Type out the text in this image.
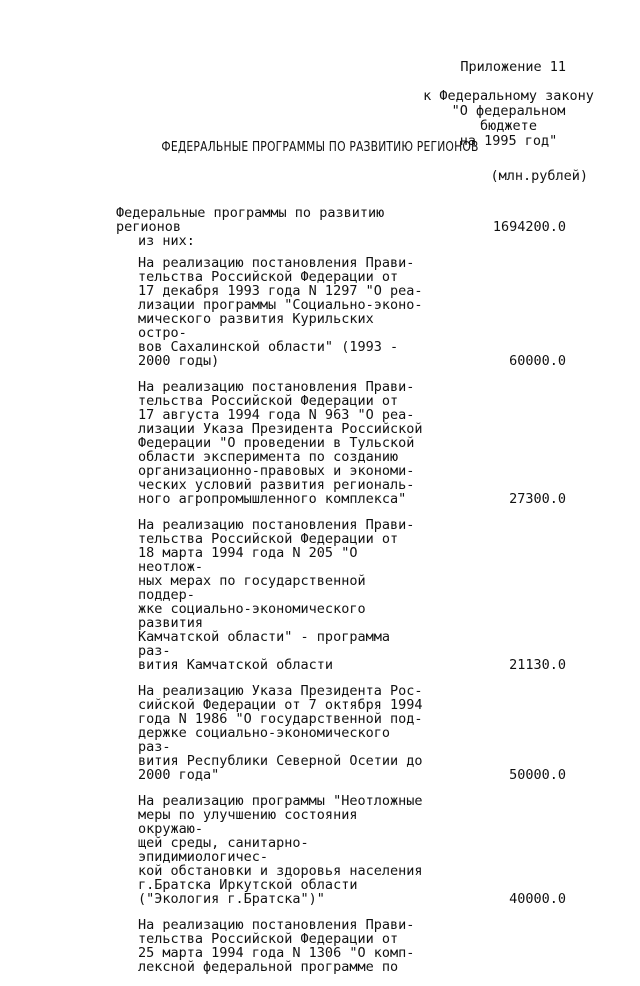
Приложение 11
к Федеральному закону
"О федеральном бюджете
на 1995 год"
ФЕДЕРАЛЬНЫЕ ПРОГРАММЫ ПО РАЗВИТИЮ РЕГИОНОВ
(млн.рублей)
Федеральные программы по развитию
регионов	1694200.0
из них:
На реализацию постановления Прави-
тельства Российской Федерации от
17 декабря 1993 года N 1297 "О реа-
лизации программы "Социально-эконо-
мического развития Курильских остро-
вов Сахалинской области" (1993 -
2000 годы)	60000.0
На реализацию постановления Прави-
тельства Российской Федерации от
17 августа 1994 года N 963 "О реа-
лизации Указа Президента Российской
Федерации "О проведении в Тульской
области эксперимента по созданию
организационно-правовых и экономи-
ческих условий развития региональ-
ного агропромышленного комплекса"	27300.0
На реализацию постановления Прави-
тельства Российской Федерации от
18 марта 1994 года N 205 "О неотлож-
ных мерах по государственной поддер-
жке социально-экономического развития
Камчатской области" - программа раз-
вития Камчатской области	21130.0
На реализацию Указа Президента Рос-
сийской Федерации от 7 октября 1994
года N 1986 "О государственной под-
держке социально-экономического раз-
вития Республики Северной Осетии до
2000 года"	50000.0
На реализацию программы "Неотложные
меры по улучшению состояния окружаю-
щей среды, санитарно-эпидимиологичес-
кой обстановки и здоровья населения
г.Братска Иркутской области
("Экология г.Братска")"	40000.0
На реализацию постановления Прави-
тельства Российской Федерации от
25 марта 1994 года N 1306 "О комп-
лексной федеральной программе по
